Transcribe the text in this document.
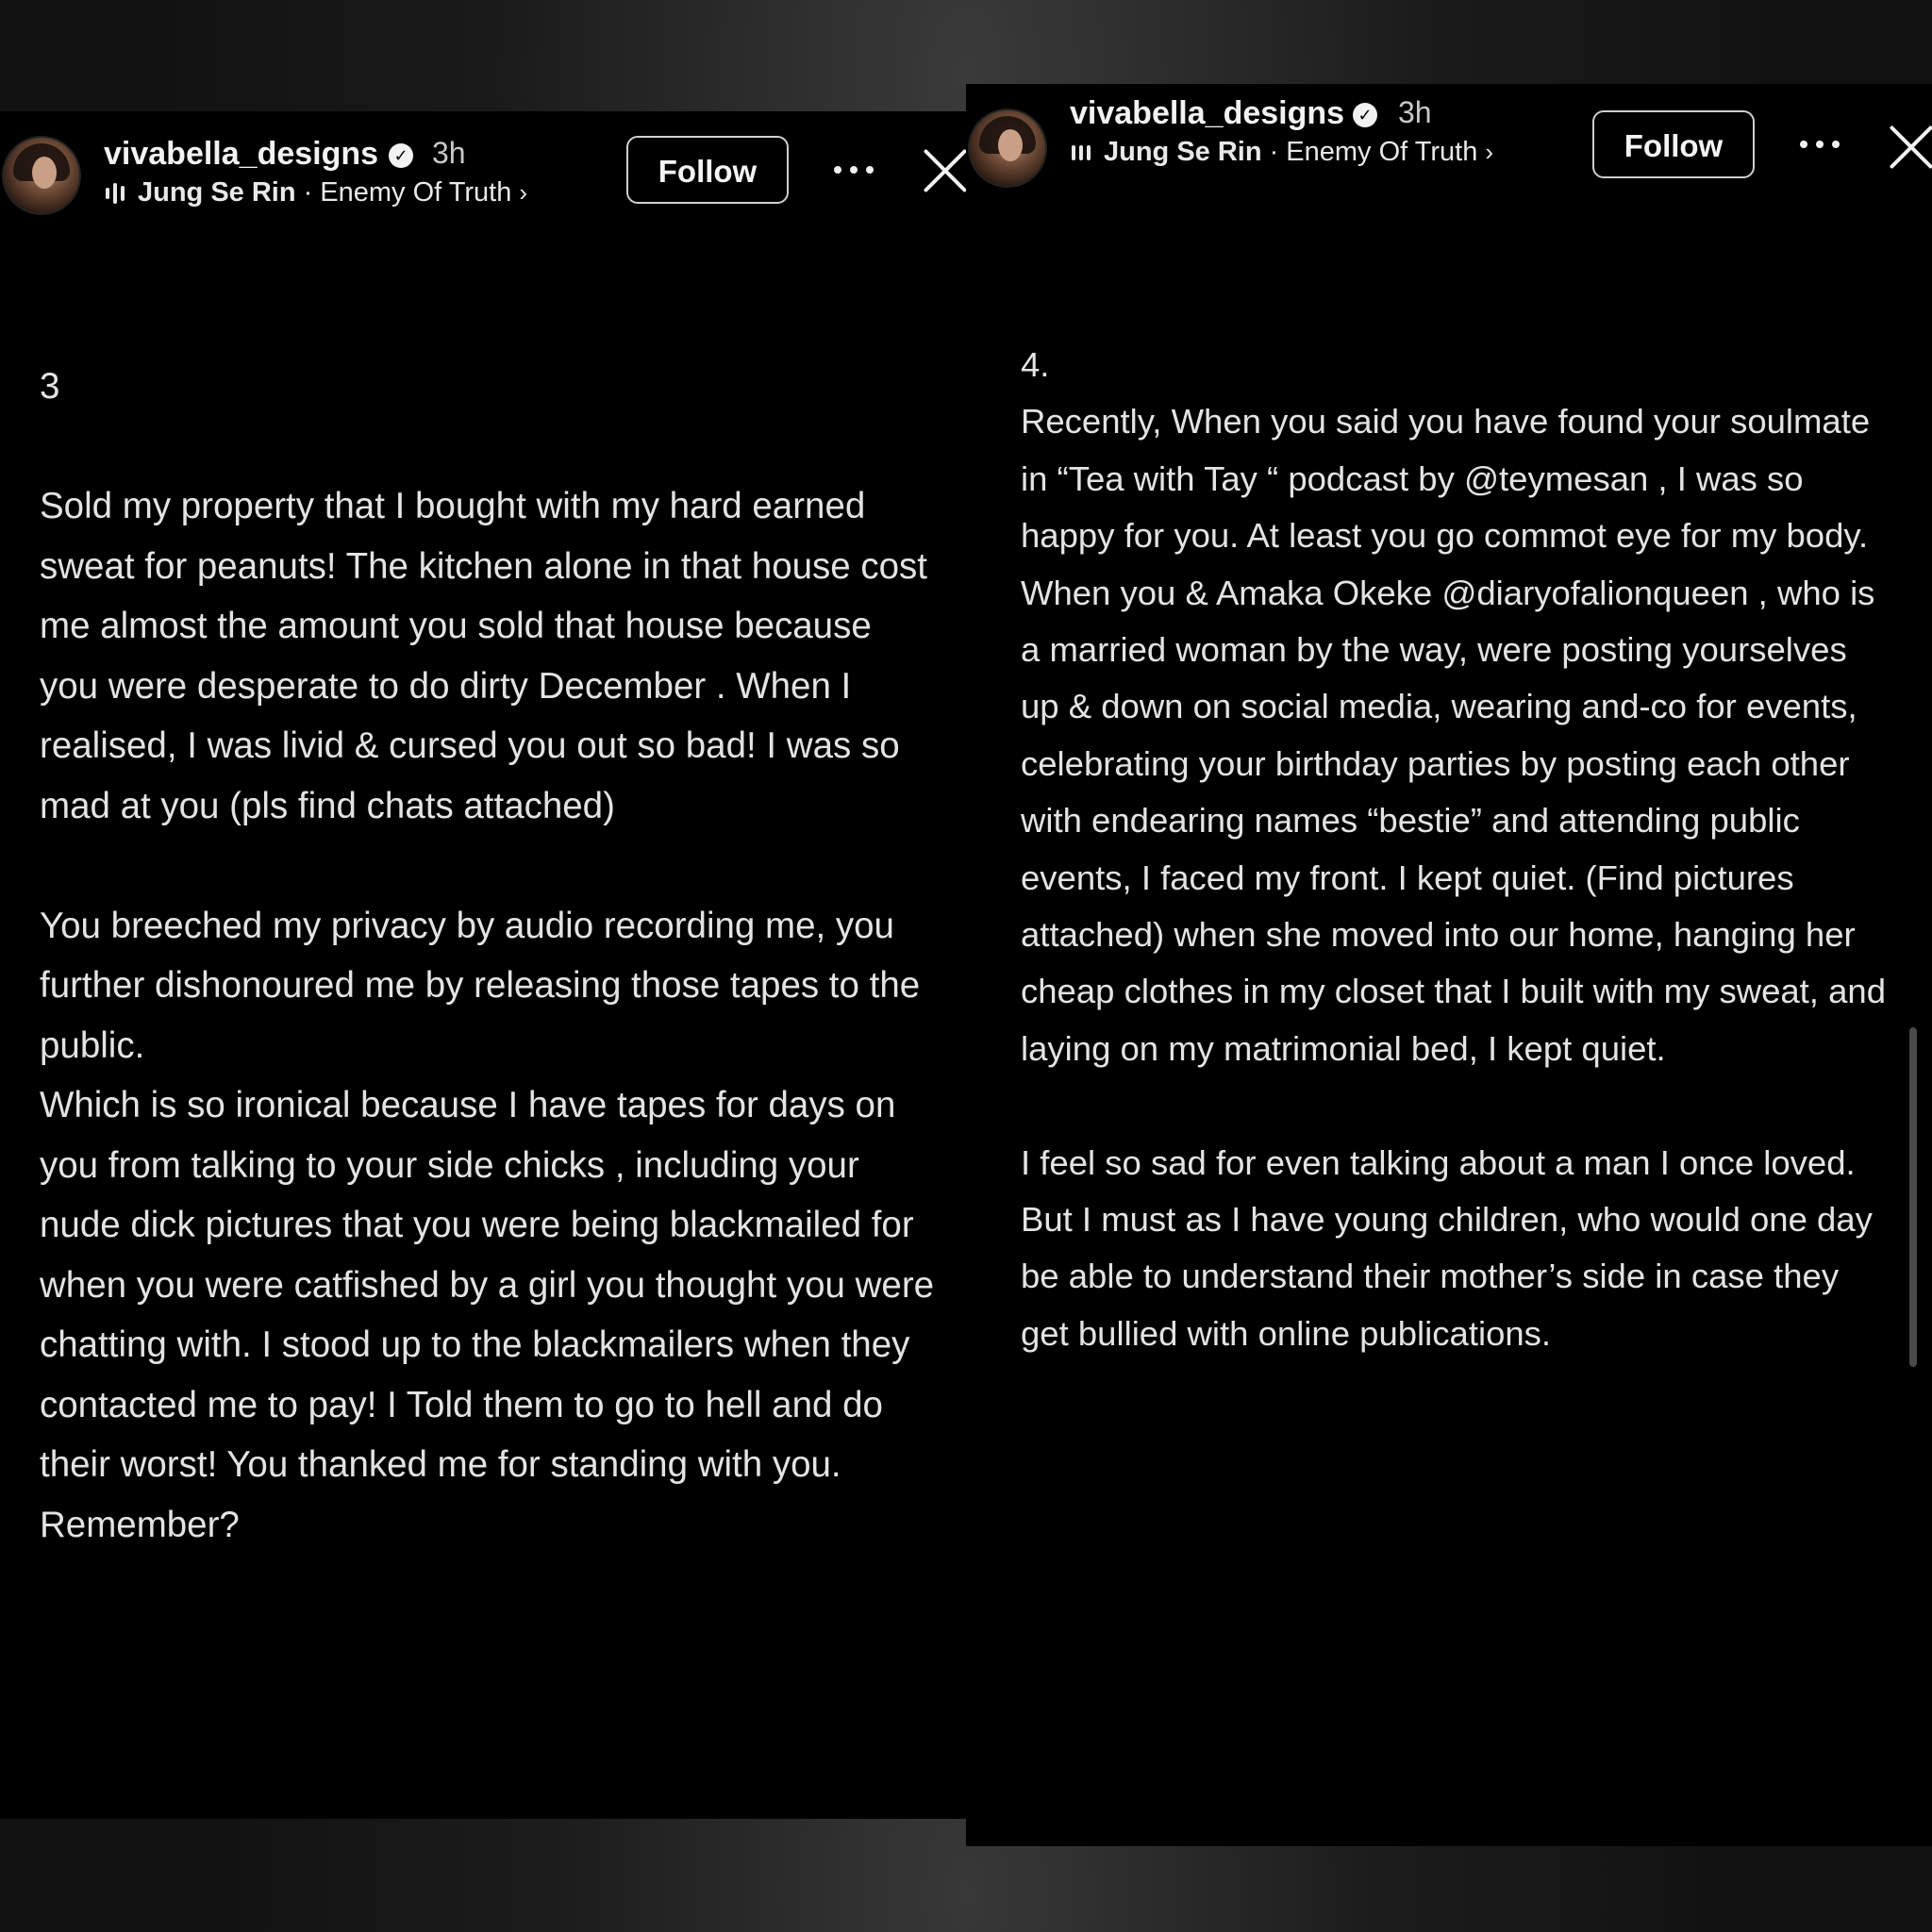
vivabella_designs ✓ 3h
Jung Se Rin · Enemy Of Truth ›
Follow

3

Sold my property that I bought with my hard earned sweat for peanuts! The kitchen alone in that house cost me almost the amount you sold that house because you were desperate to do dirty December . When I realised, I was livid & cursed you out so bad! I was so mad at you (pls find chats attached)

You breeched my privacy by audio recording me, you further dishonoured me by releasing those tapes to the public.

Which is so ironical because I have tapes for days on you from talking to your side chicks , including your nude dick pictures that you were being blackmailed for when you were catfished by a girl you thought you were chatting with. I stood up to the blackmailers when they contacted me to pay! I Told them to go to hell and do their worst! You thanked me for standing with you. Remember?

vivabella_designs ✓ 3h
Jung Se Rin · Enemy Of Truth ›	Follow

4.

Recently, When you said you have found your soulmate in “Tea with Tay “ podcast by @teymesan , I was so happy for you. At least you go commot eye for my body.

When you & Amaka Okeke @diaryofalionqueen , who is a married woman by the way, were posting yourselves up & down on social media, wearing and-co for events, celebrating your birthday parties by posting each other with endearing names “bestie” and attending public events, I faced my front. I kept quiet. (Find pictures attached) when she moved into our home, hanging her cheap clothes in my closet that I built with my sweat, and laying on my matrimonial bed, I kept quiet.

I feel so sad for even talking about a man I once loved. But I must as I have young children, who would one day be able to understand their mother’s side in case they get bullied with online publications.
